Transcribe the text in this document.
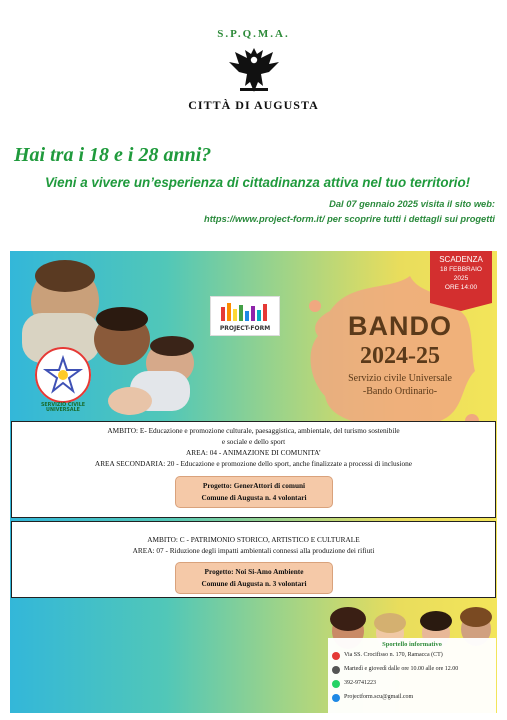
S.P.Q.M.A.
CITTÀ DI AUGUSTA
Hai tra i 18 e i 28 anni?
Vieni a vivere un’esperienza di cittadinanza attiva nel tuo territorio!
Dal 07 gennaio 2025 visita il sito web:
https://www.project-form.it/ per scoprire tutti i dettagli sui progetti
SERVIZIO CIVILE UNIVERSALE
PROJECT-FORM	BANDO
2024-25
Servizio civile Universale
-Bando Ordinario-
SCADENZA
18 FEBBRAIO
2025
ORE 14:00
AMBITO: E- Educazione e promozione culturale, paesaggistica, ambientale, del turismo sostenibile
e sociale e dello sport
AREA: 04 - ANIMAZIONE DI COMUNITA’
AREA SECONDARIA: 20 - Educazione e promozione dello sport, anche finalizzate a processi di inclusione
Progetto: GenerAttori di comuni
Comune di Augusta n. 4 volontari
AMBITO: C - PATRIMONIO STORICO, ARTISTICO E CULTURALE
AREA: 07 - Riduzione degli impatti ambientali connessi alla produzione dei rifiuti
Progetto: Noi Si-Amo Ambiente
Comune di Augusta n. 3 volontari
Sportello informativo
Via SS. Crocifisso n. 170, Ramacca (CT)
Martedì e giovedì dalle ore 10.00 alle ore 12.00
392-9741223
Projectform.scu@gmail.com
